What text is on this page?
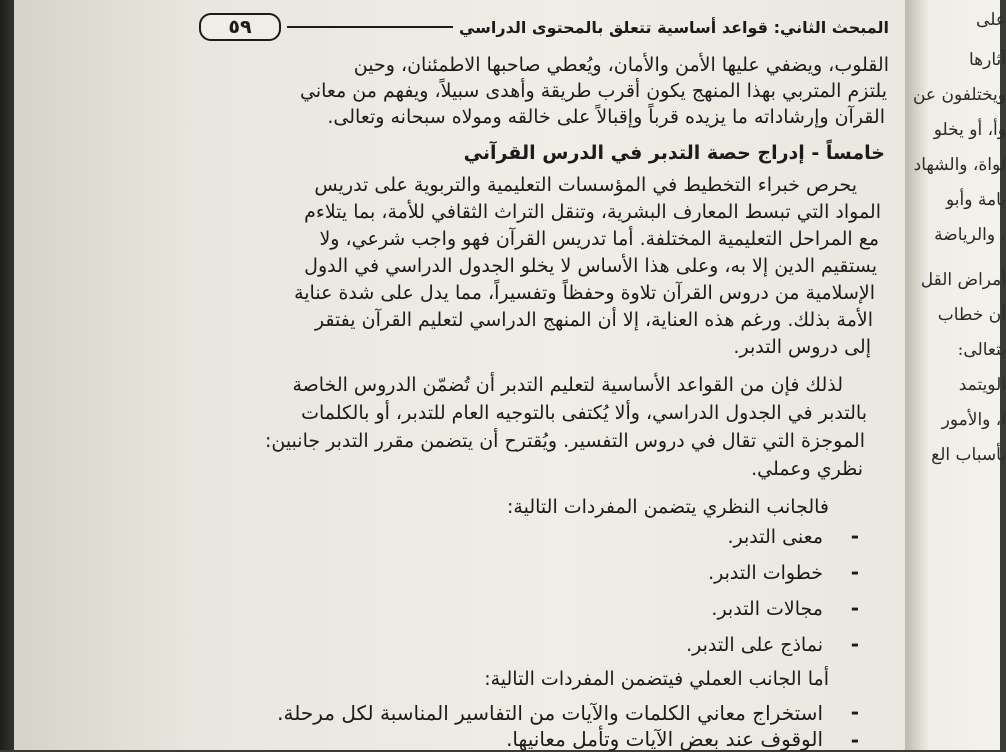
المبحث الثاني: قواعد أساسية تتعلق بالمحتوى الدراسي
٥٩
القلوب، ويضفي عليها الأمن والأمان، ويُعطي صاحبها الاطمئنان، وحين
يلتزم المتربي بهذا المنهج يكون أقرب طريقة وأهدى سبيلاً، ويفهم من معاني
القرآن وإرشاداته ما يزيده قرباً وإقبالاً على خالقه ومولاه سبحانه وتعالى.
خامساً - إدراج حصة التدبر في الدرس القرآني
يحرص خبراء التخطيط في المؤسسات التعليمية والتربوية على تدريس
المواد التي تبسط المعارف البشرية، وتنقل التراث الثقافي للأمة، بما يتلاءم
مع المراحل التعليمية المختلفة. أما تدريس القرآن فهو واجب شرعي، ولا
يستقيم الدين إلا به، وعلى هذا الأساس لا يخلو الجدول الدراسي في الدول
الإسلامية من دروس القرآن تلاوة وحفظاً وتفسيراً، مما يدل على شدة عناية
الأمة بذلك. ورغم هذه العناية، إلا أن المنهج الدراسي لتعليم القرآن يفتقر
إلى دروس التدبر.
لذلك فإن من القواعد الأساسية لتعليم التدبر أن تُضمّن الدروس الخاصة
بالتدبر في الجدول الدراسي، وألا يُكتفى بالتوجيه العام للتدبر، أو بالكلمات
الموجزة التي تقال في دروس التفسير. ويُقترح أن يتضمن مقرر التدبر جانبين:
نظري وعملي.
فالجانب النظري يتضمن المفردات التالية:
-
معنى التدبر.
-
خطوات التدبر.
-
مجالات التدبر.
-
نماذج على التدبر.
أما الجانب العملي فيتضمن المفردات التالية:
-
استخراج معاني الكلمات والآيات من التفاسير المناسبة لكل مرحلة.
-
الوقوف عند بعض الآيات وتأمل معانيها.
على
آثارها
ويختلفون عن
وأ، أو يخلو
لواة، والشهاد
يامة وأبو
، والرياضة
أمراض القل
أن خطاب
بتعالى:
الويتمد
ا، والأمور
بأسباب الع
